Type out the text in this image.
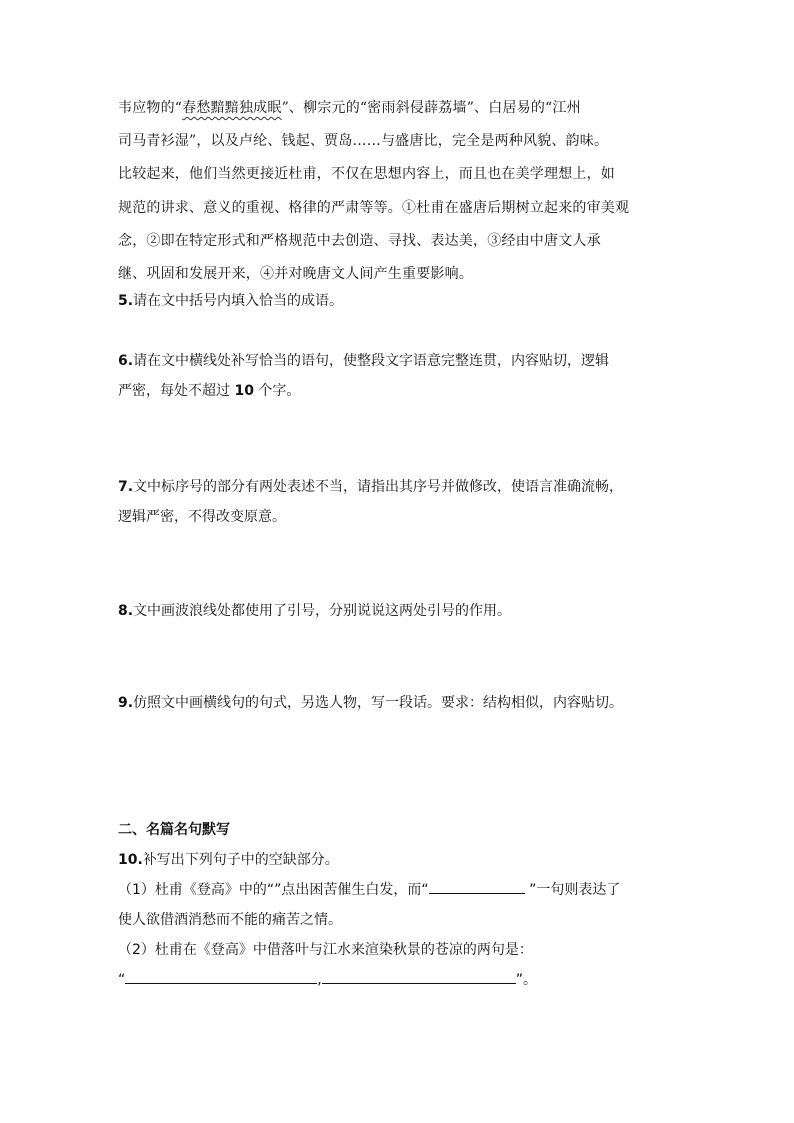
韦应物的“春愁黯黯独成眠”、柳宗元的“密雨斜侵薜荔墙”、白居易的“江州

司马青衫湿”，以及卢纶、钱起、贾岛……与盛唐比，完全是两种风貌、韵味。

比较起来，他们当然更接近杜甫，不仅在思想内容上，而且也在美学理想上，如

规范的讲求、意义的重视、格律的严肃等等。①杜甫在盛唐后期树立起来的审美观

念，②即在特定形式和严格规范中去创造、寻找、表达美，③经由中唐文人承

继、巩固和发展开来，④并对晚唐文人间产生重要影响。

5.请在文中括号内填入恰当的成语。

6.请在文中横线处补写恰当的语句，使整段文字语意完整连贯，内容贴切，逻辑

严密，每处不超过 10 个字。

7.文中标序号的部分有两处表述不当，请指出其序号并做修改，使语言准确流畅，

逻辑严密，不得改变原意。

8.文中画波浪线处都使用了引号，分别说说这两处引号的作用。

9.仿照文中画横线句的句式，另选人物，写一段话。要求：结构相似，内容贴切。

二、名篇名句默写

10.补写出下列句子中的空缺部分。

（1）杜甫《登高》中的“”点出困苦催生白发，而“	”一句则表达了

使人欲借酒消愁而不能的痛苦之情。

（2）杜甫在《登高》中借落叶与江水来渲染秋景的苍凉的两句是：

“	,	”。
